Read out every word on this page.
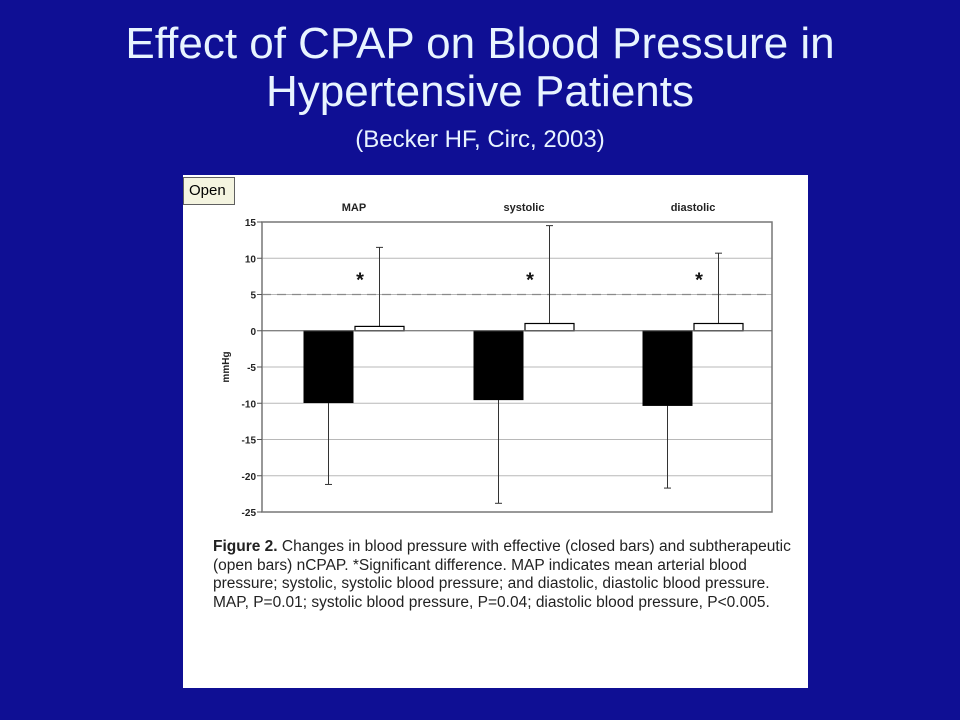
Effect of CPAP on Blood Pressure in Hypertensive Patients
(Becker HF, Circ, 2003)
15
10
5
0
-5
-10
-15
-20
-25
mmHg
MAP
*
systolic
*
diastolic
*
Open

Figure 2. Changes in blood pressure with effective (closed bars) and subtherapeutic (open bars) nCPAP. *Significant difference. MAP indicates mean arterial blood pressure; systolic, systolic blood pressure; and diastolic, diastolic blood pressure. MAP, P=0.01; systolic blood pressure, P=0.04; diastolic blood pressure, P<0.005.
